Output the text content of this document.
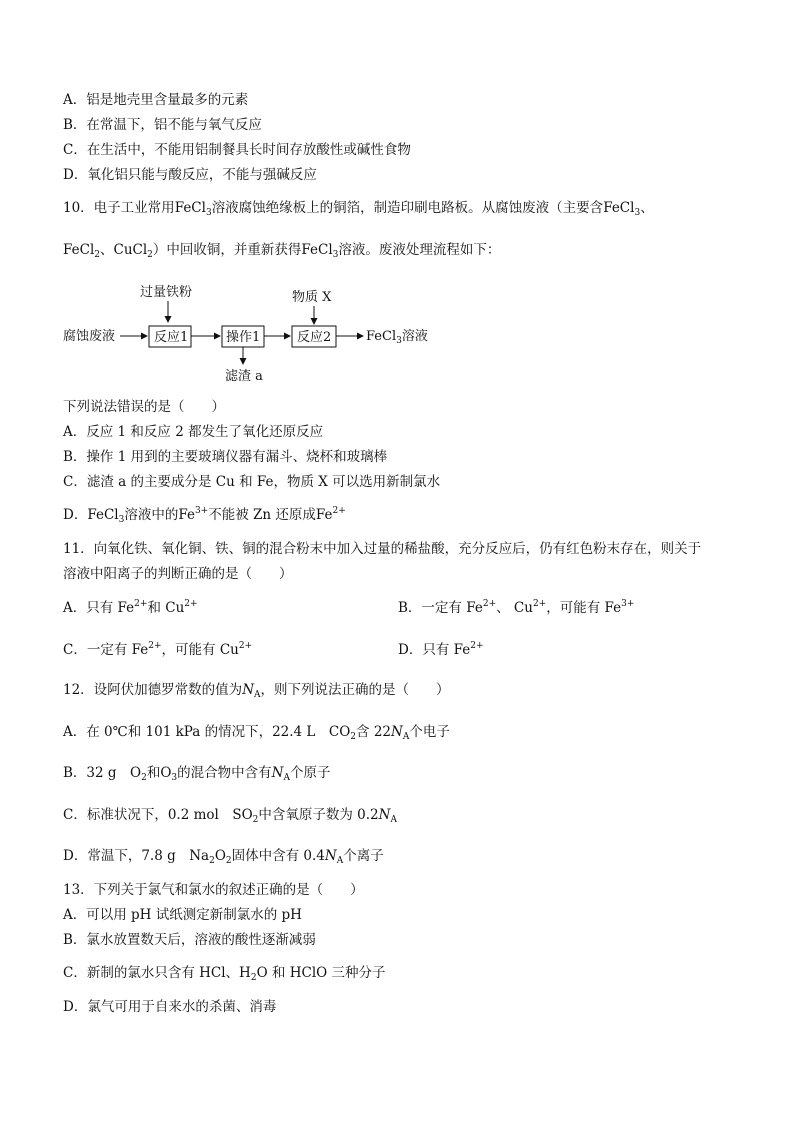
A．铝是地壳里含量最多的元素
B．在常温下，铝不能与氧气反应
C．在生活中，不能用铝制餐具长时间存放酸性或碱性食物
D．氧化铝只能与酸反应，不能与强碱反应
10．电子工业常用FeCl$_3$溶液腐蚀绝缘板上的铜箔，制造印刷电路板。从腐蚀废液（主要含FeCl$_3$、
FeCl$_2$、CuCl$_2$）中回收铜，并重新获得FeCl$_3$溶液。废液处理流程如下：
过量铁粉	物质 X
腐蚀废液	反应1	操作1
滤渣 a
反应2	FeCl$_3$溶液
下列说法错误的是（　　）
A．反应 1 和反应 2 都发生了氧化还原反应
B．操作 1 用到的主要玻璃仪器有漏斗、烧杯和玻璃棒
C．滤渣 a 的主要成分是 Cu 和 Fe，物质 X 可以选用新制氯水
D．FeCl$_3$溶液中的$Fe^{3+}$不能被 Zn 还原成$Fe^{2+}$
11．向氧化铁、氧化铜、铁、铜的混合粉末中加入过量的稀盐酸，充分反应后，仍有红色粉末存在，则关于
溶液中阳离子的判断正确的是（　　）
A．只有 $Fe^{2+}$和 $Cu^{2+}$	B．一定有 $Fe^{2+}$、 $Cu^{2+}$，可能有 $Fe^{3+}$
C．一定有 $Fe^{2+}$，可能有 $Cu^{2+}$	D．只有 $Fe^{2+}$
12．设阿伏加德罗常数的值为$N_A$，则下列说法正确的是（　　）
A．在 0℃和 101 kPa 的情况下，22.4 L　$CO_2$含 $22N_A$个电子
B．32 g　$O_2$和$O_3$的混合物中含有$N_A$个原子
C．标准状况下，0.2 mol　$SO_2$中含氧原子数为 $0.2N_A$
D．常温下，7.8 g　$Na_2O_2$固体中含有 $0.4N_A$个离子
13．下列关于氯气和氯水的叙述正确的是（　　）
A．可以用 pH 试纸测定新制氯水的 pH
B．氯水放置数天后，溶液的酸性逐渐减弱
C．新制的氯水只含有 HCl、$H_2O$ 和 HClO 三种分子
D．氯气可用于自来水的杀菌、消毒
